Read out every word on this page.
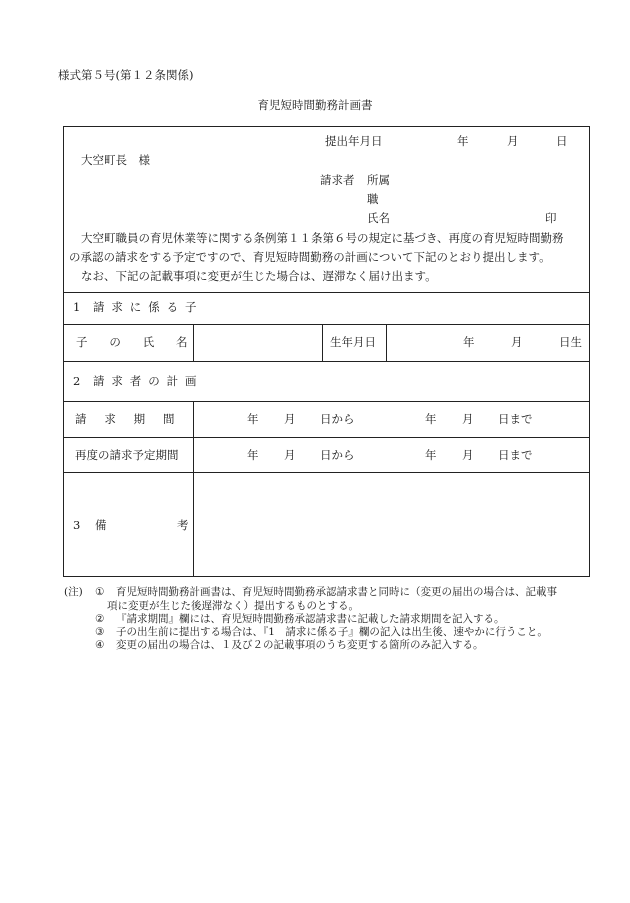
様式第５号(第１２条関係)
育児短時間勤務計画書
提出年月日	年	月	日
大空町長　様
請求者 所属
職
氏名	印
大空町職員の育児休業等に関する条例第１１条第６号の規定に基づき、再度の育児短時間勤務
の承認の請求をする予定ですので、育児短時間勤務の計画について下記のとおり提出します。
なお、下記の記載事項に変更が生じた場合は、遅滞なく届け出ます。
1 請求に係る子
子の氏名	生年月日	年	月	日生
2 請求者の計画
請求期間	年 月 日から	年 月 日まで
再度の請求予定期間	年 月 日から	年 月 日まで
3 備	考
(注) ① 育児短時間勤務計画書は、育児短時間勤務承認請求書と同時に（変更の届出の場合は、記載事
項に変更が生じた後遅滞なく）提出するものとする。
② 『請求期間』欄には、育児短時間勤務承認請求書に記載した請求期間を記入する。
③ 子の出生前に提出する場合は、『1　請求に係る子』欄の記入は出生後、速やかに行うこと。
④ 変更の届出の場合は、１及び２の記載事項のうち変更する箇所のみ記入する。
